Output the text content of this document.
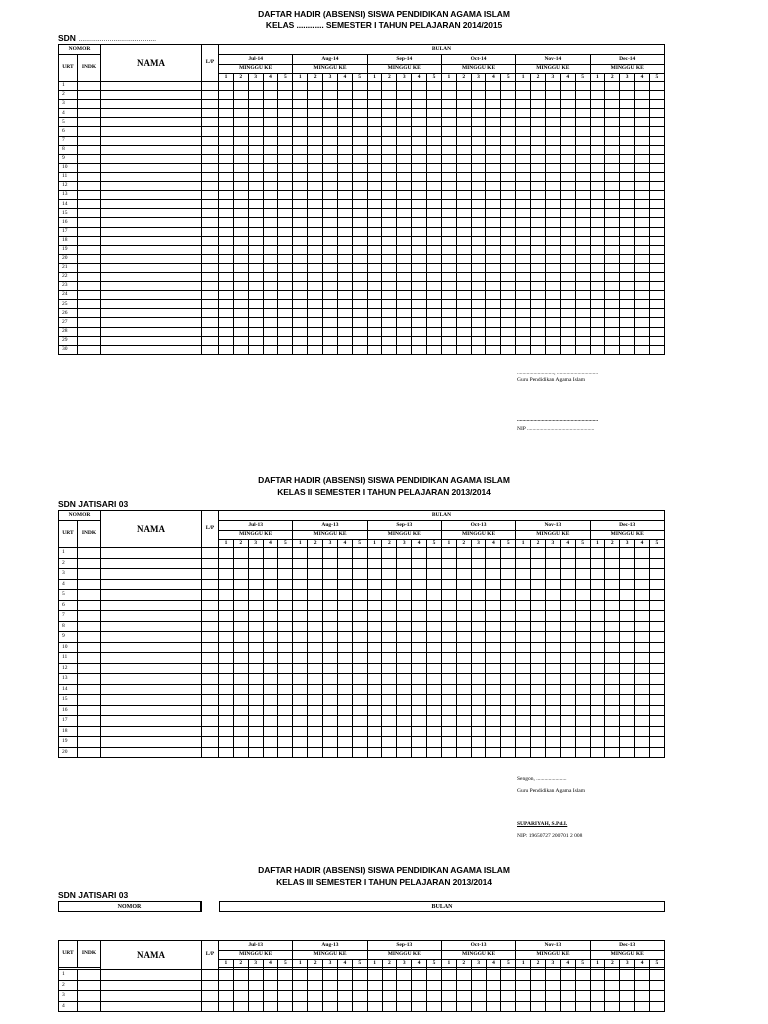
DAFTAR HADIR (ABSENSI) SISWA PENDIDIKAN AGAMA ISLAM
KELAS ............ SEMESTER I TAHUN PELAJARAN 2014/2015
SDN ........................................
NOMOR		NAMA	L/P	BULAN																													
URT	INDK			Jul-14					Aug-14					Sep-14					Oct-14					Nov-14					Dec-14				
				MINGGU KE					MINGGU KE					MINGGU KE					MINGGU KE					MINGGU KE					MINGGU KE				
				1	2	3	4	5	1	2	3	4	5	1	2	3	4	5	1	2	3	4	5	1	2	3	4	5	1	2	3	4	5
1																																	
2																																	
3																																	
4																																	
5																																	
6																																	
7																																	
8																																	
9																																	
10																																	
11																																	
12																																	
13																																	
14																																	
15																																	
16																																	
17																																	
18																																	
19																																	
20																																	
21																																	
22																																	
23																																	
24																																	
25																																	
26																																	
27																																	
28																																	
29																																	
30																																	
..........................., ..............................
Guru Pendidikan Agama Islam
...........................................................
NIP .................................................
DAFTAR HADIR (ABSENSI) SISWA PENDIDIKAN AGAMA ISLAM
KELAS II SEMESTER I TAHUN PELAJARAN 2013/2014
SDN JATISARI 03
NOMOR		NAMA	L/P	BULAN																													
URT	INDK			Jul-13					Aug-13					Sep-13					Oct-13					Nov-13					Dec-13				
				MINGGU KE					MINGGU KE					MINGGU KE					MINGGU KE					MINGGU KE					MINGGU KE				
				1	2	3	4	5	1	2	3	4	5	1	2	3	4	5	1	2	3	4	5	1	2	3	4	5	1	2	3	4	5
1																																	
2																																	
3																																	
4																																	
5																																	
6																																	
7																																	
8																																	
9																																	
10																																	
11																																	
12																																	
13																																	
14																																	
15																																	
16																																	
17																																	
18																																	
19																																	
20																																	
Sengon, ......................
Guru Pendidikan Agama Islam
SUPARIYAH, S.Pd.I.
NIP: 19650727 200701 2 008
DAFTAR HADIR (ABSENSI) SISWA PENDIDIKAN AGAMA ISLAM
KELAS III SEMESTER I TAHUN PELAJARAN 2013/2014
SDN JATISARI 03
NOMOR	BULAN
URT	INDK	NAMA	L/P	Jul-13					Aug-13					Sep-13					Oct-13					Nov-13					Dec-13				
				MINGGU KE					MINGGU KE					MINGGU KE					MINGGU KE					MINGGU KE					MINGGU KE				
				1	2	3	4	5	1	2	3	4	5	1	2	3	4	5	1	2	3	4	5	1	2	3	4	5	1	2	3	4	5

1																																	
2																																	
3																																	
4																																	
